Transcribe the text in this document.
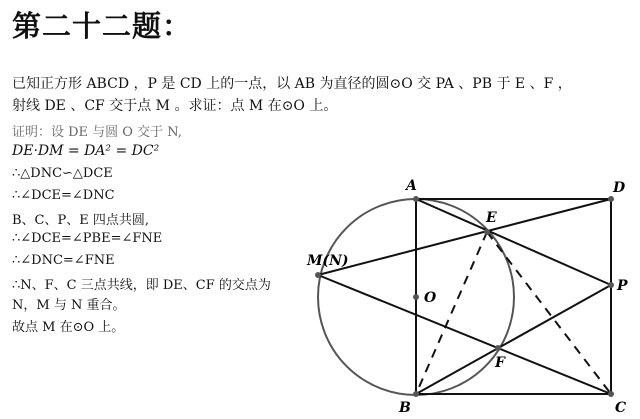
第二十二题：
已知正方形 ABCD ，P 是 CD 上的一点，以 AB 为直径的圆⊙O 交 PA 、PB 于 E 、F ，
射线 DE 、CF 交于点 M 。求证：点 M 在⊙O 上。
证明：设 DE 与圆 O 交于 N,
DE·DM = DA² = DC²
∴△DNC∽△DCE
∴∠DCE=∠DNC
B、C、P、E 四点共圆,
∴∠DCE=∠PBE=∠FNE
∴∠DNC=∠FNE
∴N、F、C 三点共线，即 DE、CF 的交点为
N，M 与 N 重合。
故点 M 在⊙O 上。
A	D
E
M(N)
O
P
F
B	C
